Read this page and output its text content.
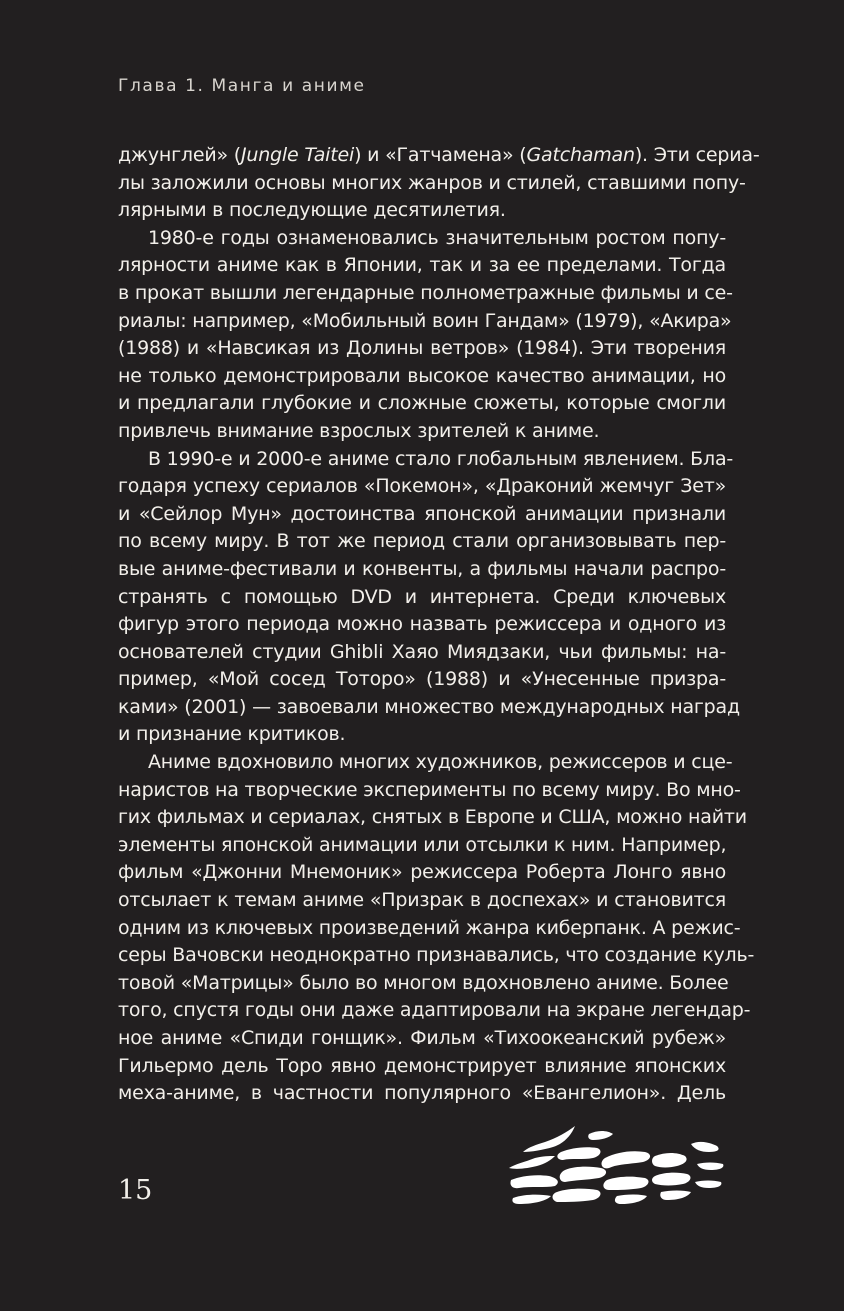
Глава 1. Манга и аниме
джунглей» (Jungle Taitei) и «Гатчамена» (Gatchaman). Эти сериа-
лы заложили основы многих жанров и стилей, ставшими попу-
лярными в последующие десятилетия.
1980-е годы ознаменовались значительным ростом попу-
лярности аниме как в Японии, так и за ее пределами. Тогда
в прокат вышли легендарные полнометражные фильмы и се-
риалы: например, «Мобильный воин Гандам» (1979), «Акира»
(1988) и «Навсикая из Долины ветров» (1984). Эти творения
не только демонстрировали высокое качество анимации, но
и предлагали глубокие и сложные сюжеты, которые смогли
привлечь внимание взрослых зрителей к аниме.
В 1990-е и 2000-е аниме стало глобальным явлением. Бла-
годаря успеху сериалов «Покемон», «Драконий жемчуг Зет»
и «Сейлор Мун» достоинства японской анимации признали
по всему миру. В тот же период стали организовывать пер-
вые аниме-фестивали и конвенты, а фильмы начали распро-
странять с помощью DVD и интернета. Среди ключевых
фигур этого периода можно назвать режиссера и одного из
основателей студии Ghibli Хаяо Миядзаки, чьи фильмы: на-
пример, «Мой сосед Тоторо» (1988) и «Унесенные призра-
ками» (2001) — завоевали множество международных наград
и признание критиков.
Аниме вдохновило многих художников, режиссеров и сце-
наристов на творческие эксперименты по всему миру. Во мно-
гих фильмах и сериалах, снятых в Европе и США, можно найти
элементы японской анимации или отсылки к ним. Например,
фильм «Джонни Мнемоник» режиссера Роберта Лонго явно
отсылает к темам аниме «Призрак в доспехах» и становится
одним из ключевых произведений жанра киберпанк. А режис-
серы Вачовски неоднократно признавались, что создание куль-
товой «Матрицы» было во многом вдохновлено аниме. Более
того, спустя годы они даже адаптировали на экране легендар-
ное аниме «Спиди гонщик». Фильм «Тихоокеанский рубеж»
Гильермо дель Торо явно демонстрирует влияние японских
меха-аниме, в частности популярного «Евангелион». Дель
15
